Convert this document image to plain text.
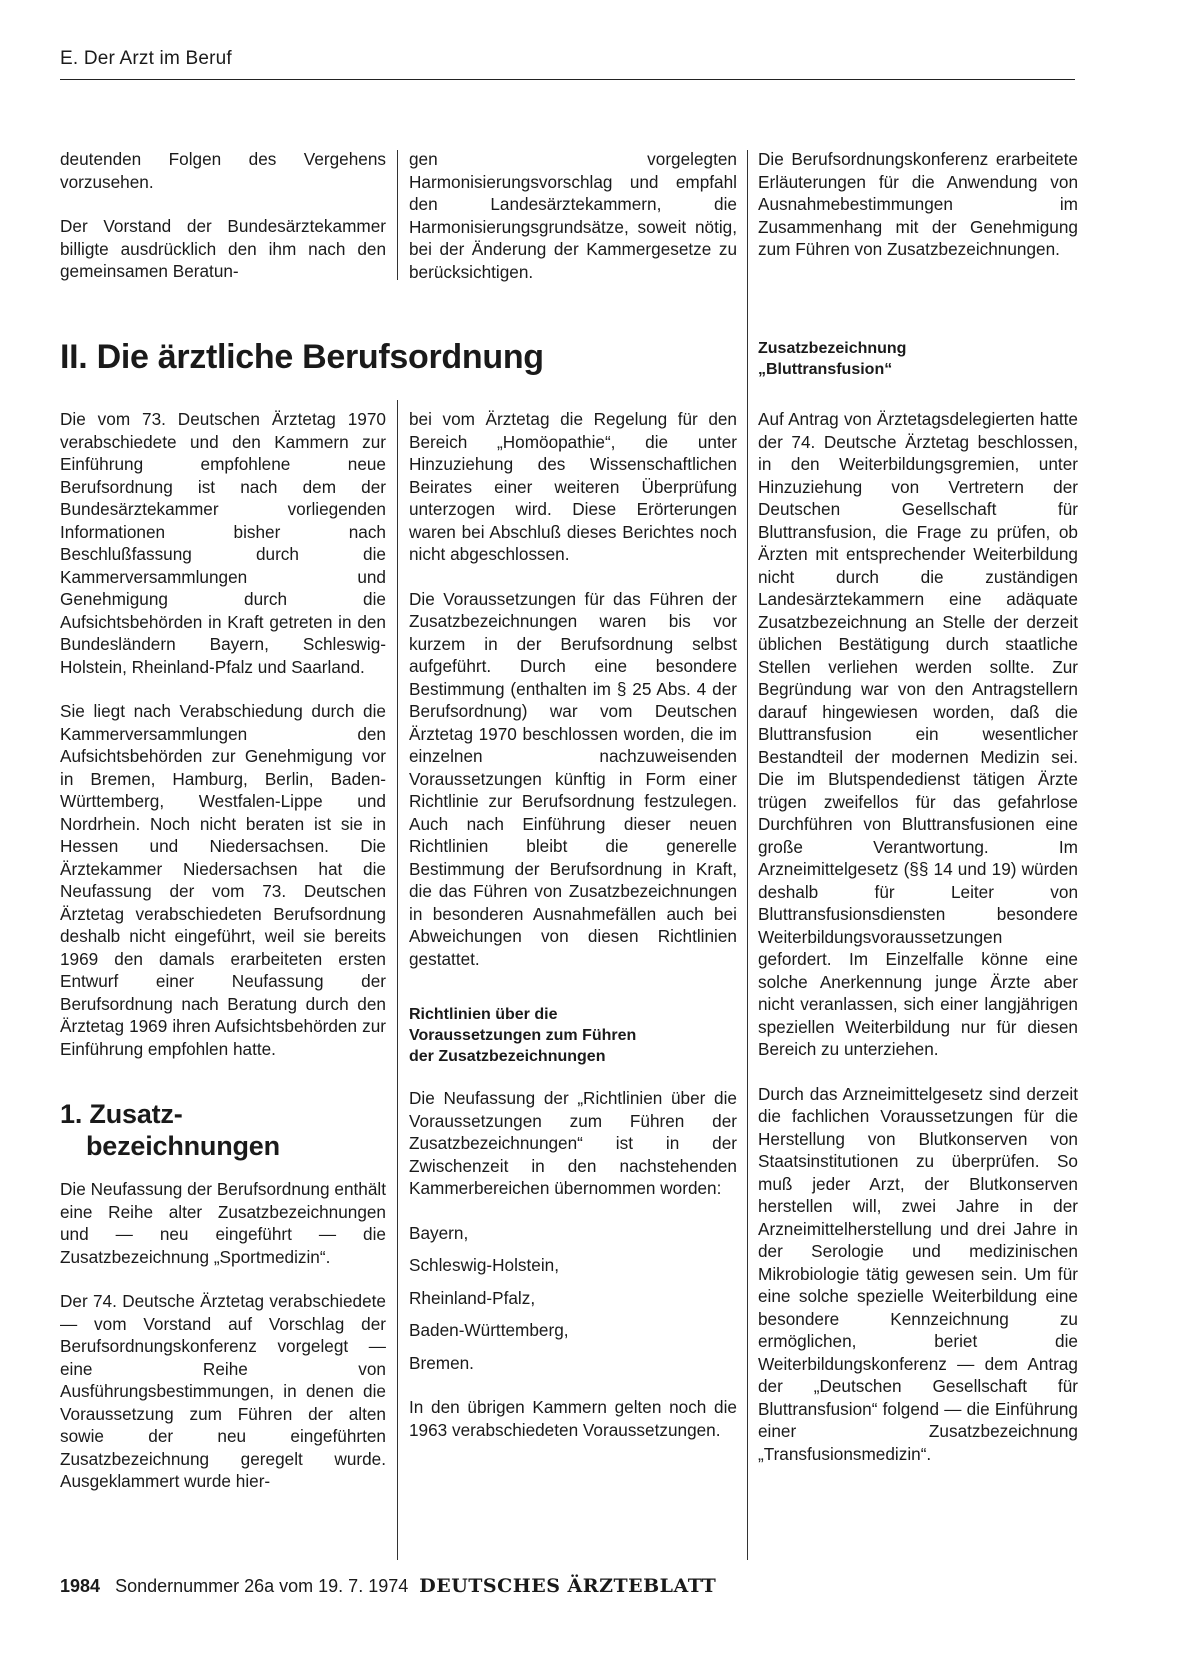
E. Der Arzt im Beruf

deutenden Folgen des Vergehens vorzusehen.

Der Vorstand der Bundesärztekammer billigte ausdrücklich den ihm nach den gemeinsamen Beratun-

gen vorgelegten Harmonisierungsvorschlag und empfahl den Landesärztekammern, die Harmonisierungsgrundsätze, soweit nötig, bei der Änderung der Kammergesetze zu berücksichtigen.

Die Berufsordnungskonferenz erarbeitete Erläuterungen für die Anwendung von Ausnahmebestimmungen im Zusammenhang mit der Genehmigung zum Führen von Zusatzbezeichnungen.

II. Die ärztliche Berufsordnung

Die vom 73. Deutschen Ärztetag 1970 verabschiedete und den Kammern zur Einführung empfohlene neue Berufsordnung ist nach dem der Bundesärztekammer vorliegenden Informationen bisher nach Beschlußfassung durch die Kammerversammlungen und Genehmigung durch die Aufsichtsbehörden in Kraft getreten in den Bundesländern Bayern, Schleswig-Holstein, Rheinland-Pfalz und Saarland.

Sie liegt nach Verabschiedung durch die Kammerversammlungen den Aufsichtsbehörden zur Genehmigung vor in Bremen, Hamburg, Berlin, Baden-Württemberg, Westfalen-Lippe und Nordrhein. Noch nicht beraten ist sie in Hessen und Niedersachsen. Die Ärztekammer Niedersachsen hat die Neufassung der vom 73. Deutschen Ärztetag verabschiedeten Berufsordnung deshalb nicht eingeführt, weil sie bereits 1969 den damals erarbeiteten ersten Entwurf einer Neufassung der Berufsordnung nach Beratung durch den Ärztetag 1969 ihren Aufsichtsbehörden zur Einführung empfohlen hatte.

1. Zusatz-
bezeichnungen

Die Neufassung der Berufsordnung enthält eine Reihe alter Zusatzbezeichnungen und — neu eingeführt — die Zusatzbezeichnung „Sportmedizin“.

Der 74. Deutsche Ärztetag verabschiedete — vom Vorstand auf Vorschlag der Berufsordnungskonferenz vorgelegt — eine Reihe von Ausführungsbestimmungen, in denen die Voraussetzung zum Führen der alten sowie der neu eingeführten Zusatzbezeichnung geregelt wurde. Ausgeklammert wurde hier-

bei vom Ärztetag die Regelung für den Bereich „Homöopathie“, die unter Hinzuziehung des Wissenschaftlichen Beirates einer weiteren Überprüfung unterzogen wird. Diese Erörterungen waren bei Abschluß dieses Berichtes noch nicht abgeschlossen.

Die Voraussetzungen für das Führen der Zusatzbezeichnungen waren bis vor kurzem in der Berufsordnung selbst aufgeführt. Durch eine besondere Bestimmung (enthalten im § 25 Abs. 4 der Berufsordnung) war vom Deutschen Ärztetag 1970 beschlossen worden, die im einzelnen nachzuweisenden Voraussetzungen künftig in Form einer Richtlinie zur Berufsordnung festzulegen. Auch nach Einführung dieser neuen Richtlinien bleibt die generelle Bestimmung der Berufsordnung in Kraft, die das Führen von Zusatzbezeichnungen in besonderen Ausnahmefällen auch bei Abweichungen von diesen Richtlinien gestattet.

Richtlinien über die
Voraussetzungen zum Führen
der Zusatzbezeichnungen

Die Neufassung der „Richtlinien über die Voraussetzungen zum Führen der Zusatzbezeichnungen“ ist in der Zwischenzeit in den nachstehenden Kammerbereichen übernommen worden:

Bayern,

Schleswig-Holstein,

Rheinland-Pfalz,

Baden-Württemberg,

Bremen.

In den übrigen Kammern gelten noch die 1963 verabschiedeten Voraussetzungen.

Zusatzbezeichnung
„Bluttransfusion“

Auf Antrag von Ärztetagsdelegierten hatte der 74. Deutsche Ärztetag beschlossen, in den Weiterbildungsgremien, unter Hinzuziehung von Vertretern der Deutschen Gesellschaft für Bluttransfusion, die Frage zu prüfen, ob Ärzten mit entsprechender Weiterbildung nicht durch die zuständigen Landesärztekammern eine adäquate Zusatzbezeichnung an Stelle der derzeit üblichen Bestätigung durch staatliche Stellen verliehen werden sollte. Zur Begründung war von den Antragstellern darauf hingewiesen worden, daß die Bluttransfusion ein wesentlicher Bestandteil der modernen Medizin sei. Die im Blutspendedienst tätigen Ärzte trügen zweifellos für das gefahrlose Durchführen von Bluttransfusionen eine große Verantwortung. Im Arzneimittelgesetz (§§ 14 und 19) würden deshalb für Leiter von Bluttransfusionsdiensten besondere Weiterbildungsvoraussetzungen gefordert. Im Einzelfalle könne eine solche Anerkennung junge Ärzte aber nicht veranlassen, sich einer langjährigen speziellen Weiterbildung nur für diesen Bereich zu unterziehen.

Durch das Arzneimittelgesetz sind derzeit die fachlichen Voraussetzungen für die Herstellung von Blutkonserven von Staatsinstitutionen zu überprüfen. So muß jeder Arzt, der Blutkonserven herstellen will, zwei Jahre in der Arzneimittelherstellung und drei Jahre in der Serologie und medizinischen Mikrobiologie tätig gewesen sein. Um für eine solche spezielle Weiterbildung eine besondere Kennzeichnung zu ermöglichen, beriet die Weiterbildungskonferenz — dem Antrag der „Deutschen Gesellschaft für Bluttransfusion“ folgend — die Einführung einer Zusatzbezeichnung „Transfusionsmedizin“.

1984 Sondernummer 26a vom 19. 7. 1974 DEUTSCHES ÄRZTEBLATT
